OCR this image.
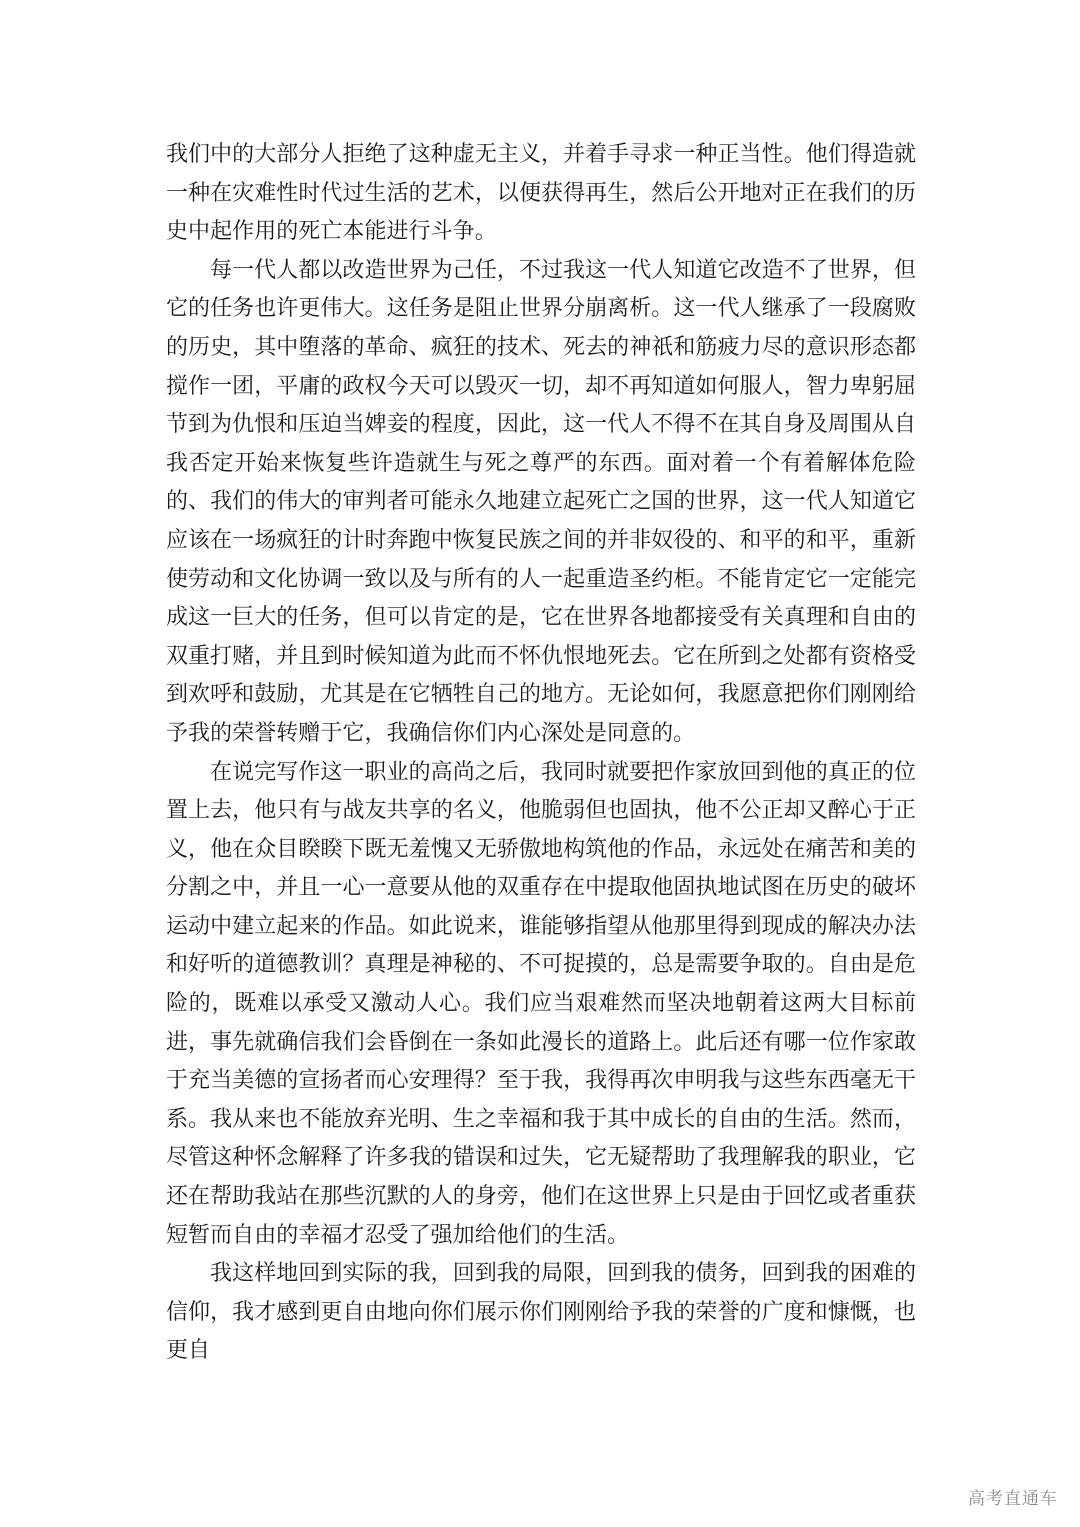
我们中的大部分人拒绝了这种虚无主义，并着手寻求一种正当性。他们得造就一种在灾难性时代过生活的艺术，以便获得再生，然后公开地对正在我们的历史中起作用的死亡本能进行斗争。

每一代人都以改造世界为己任，不过我这一代人知道它改造不了世界，但它的任务也许更伟大。这任务是阻止世界分崩离析。这一代人继承了一段腐败的历史，其中堕落的革命、疯狂的技术、死去的神祇和筋疲力尽的意识形态都搅作一团，平庸的政权今天可以毁灭一切，却不再知道如何服人，智力卑躬屈节到为仇恨和压迫当婢妾的程度，因此，这一代人不得不在其自身及周围从自我否定开始来恢复些许造就生与死之尊严的东西。面对着一个有着解体危险的、我们的伟大的审判者可能永久地建立起死亡之国的世界，这一代人知道它应该在一场疯狂的计时奔跑中恢复民族之间的并非奴役的、和平的和平，重新使劳动和文化协调一致以及与所有的人一起重造圣约柜。不能肯定它一定能完成这一巨大的任务，但可以肯定的是，它在世界各地都接受有关真理和自由的双重打赌，并且到时候知道为此而不怀仇恨地死去。它在所到之处都有资格受到欢呼和鼓励，尤其是在它牺牲自己的地方。无论如何，我愿意把你们刚刚给予我的荣誉转赠于它，我确信你们内心深处是同意的。

在说完写作这一职业的高尚之后，我同时就要把作家放回到他的真正的位置上去，他只有与战友共享的名义，他脆弱但也固执，他不公正却又醉心于正义，他在众目睽睽下既无羞愧又无骄傲地构筑他的作品，永远处在痛苦和美的分割之中，并且一心一意要从他的双重存在中提取他固执地试图在历史的破坏运动中建立起来的作品。如此说来，谁能够指望从他那里得到现成的解决办法和好听的道德教训？真理是神秘的、不可捉摸的，总是需要争取的。自由是危险的，既难以承受又激动人心。我们应当艰难然而坚决地朝着这两大目标前进，事先就确信我们会昏倒在一条如此漫长的道路上。此后还有哪一位作家敢于充当美德的宣扬者而心安理得？至于我，我得再次申明我与这些东西毫无干系。我从来也不能放弃光明、生之幸福和我于其中成长的自由的生活。然而，尽管这种怀念解释了许多我的错误和过失，它无疑帮助了我理解我的职业，它还在帮助我站在那些沉默的人的身旁，他们在这世界上只是由于回忆或者重获短暂而自由的幸福才忍受了强加给他们的生活。

我这样地回到实际的我，回到我的局限，回到我的债务，回到我的困难的信仰，我才感到更自由地向你们展示你们刚刚给予我的荣誉的广度和慷慨，也更自

高考直通车
